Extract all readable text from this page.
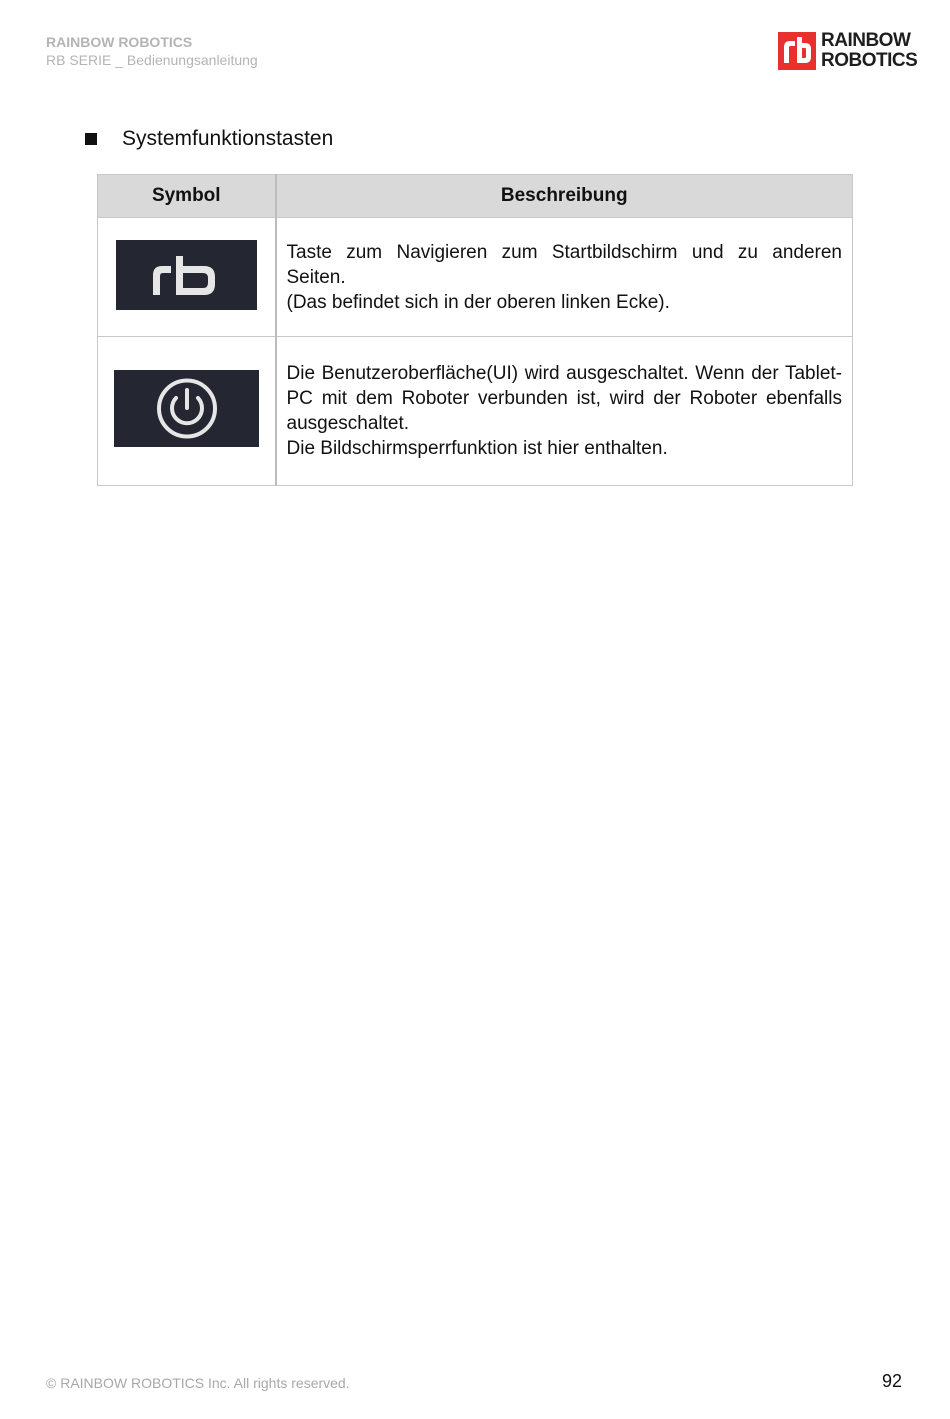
RAINBOW ROBOTICS
RB SERIE _ Bedienungsanleitung
RAINBOW
ROBOTICS
Systemfunktionstasten
Symbol	Beschreibung

Taste zum Navigieren zum Startbildschirm und zu anderen Seiten.
(Das befindet sich in der oberen linken Ecke).

Die Benutzeroberfläche(UI) wird ausgeschaltet. Wenn der Tablet-PC mit dem Roboter verbunden ist, wird der Roboter ebenfalls ausgeschaltet.
Die Bildschirmsperrfunktion ist hier enthalten.
© RAINBOW ROBOTICS Inc. All rights reserved.	92
